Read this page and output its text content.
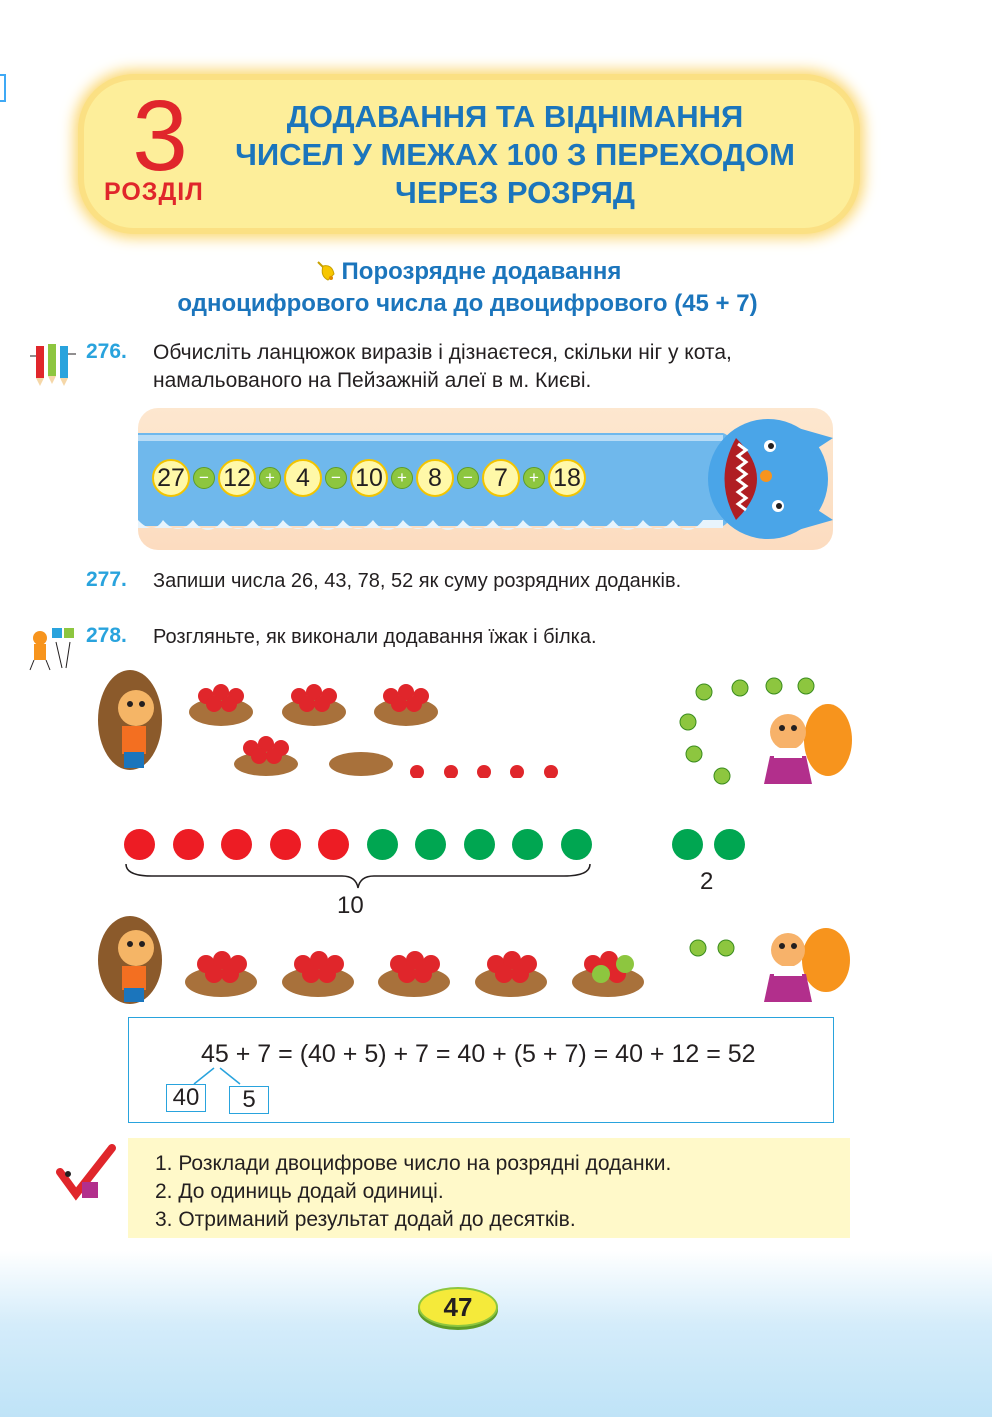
3
РОЗДІЛ
ДОДАВАННЯ ТА ВІДНІМАННЯ
ЧИСЕЛ У МЕЖАХ 100 З ПЕРЕХОДОМ
ЧЕРЕЗ РОЗРЯД
Порозрядне додавання
одноцифрового числа до двоцифрового (45 + 7)
276. Обчисліть ланцюжок виразів і дізнаєтеся, скільки ніг у кота,
намальованого на Пейзажній алеї в м. Києві.
27 − 12 + 4	− 10 + 8	− 7	+ 18
277. Запиши числа 26, 43, 78, 52 як суму розрядних доданків.
278. Розгляньте, як виконали додавання їжак і білка.
10
2
45 + 7 = (40 + 5) + 7 = 40 + (5 + 7) = 40 + 12 = 52
40	5
1. Розклади двоцифрове число на розрядні доданки.
2. До одиниць додай одиниці.
3. Отриманий результат додай до десятків.
47
